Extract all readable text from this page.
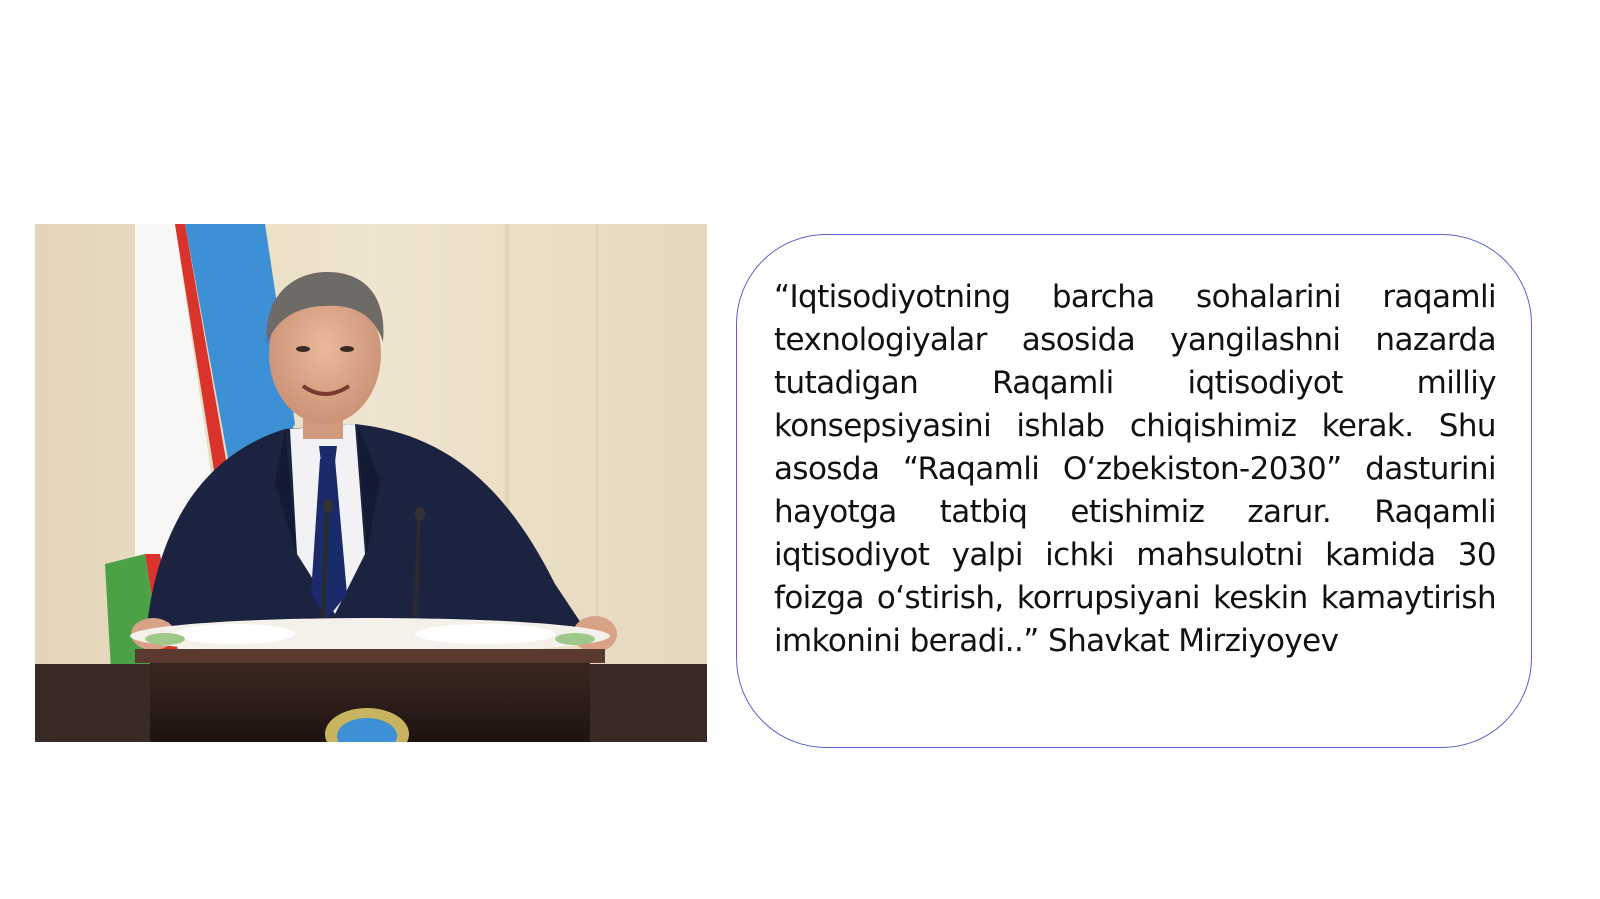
“Iqtisodiyotning barcha sohalarini raqamli texnologiyalar asosida yangilashni nazarda tutadigan Raqamli iqtisodiyot milliy konsepsiyasini ishlab chiqishimiz kerak. Shu asosda “Raqamli O‘zbekiston-2030” dasturini hayotga tatbiq etishimiz zarur. Raqamli iqtisodiyot yalpi ichki mahsulotni kamida 30 foizga o‘stirish, korrupsiyani keskin kamaytirish imkonini beradi..” Shavkat Mirziyoyev
